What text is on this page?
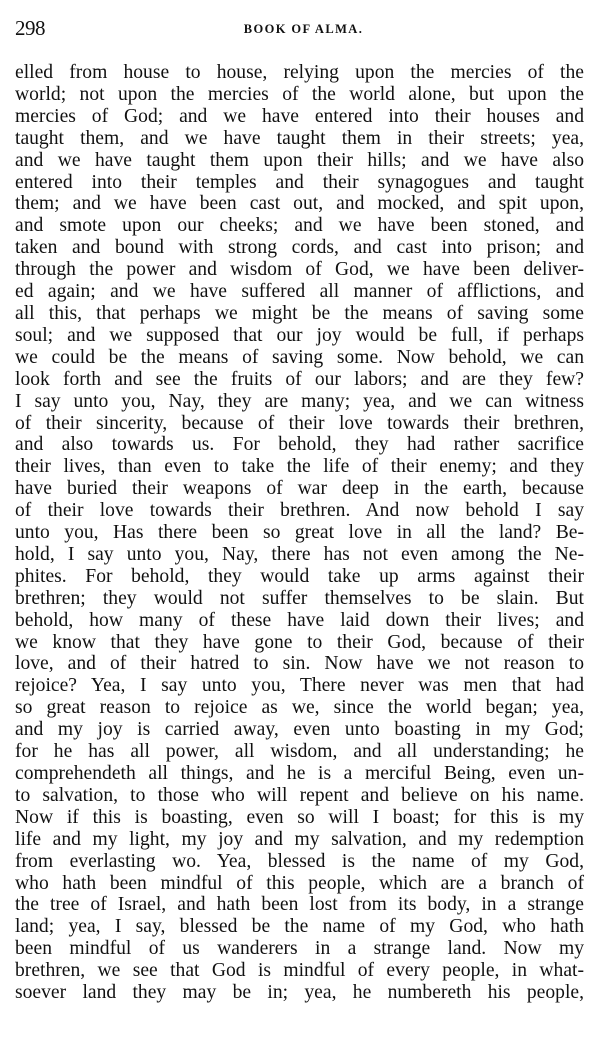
298	BOOK OF ALMA.
elled from house to house, relying upon the mercies of the
world; not upon the mercies of the world alone, but upon the
mercies of God; and we have entered into their houses and
taught them, and we have taught them in their streets; yea,
and we have taught them upon their hills; and we have also
entered into their temples and their synagogues and taught
them; and we have been cast out, and mocked, and spit upon,
and smote upon our cheeks; and we have been stoned, and
taken and bound with strong cords, and cast into prison; and
through the power and wisdom of God, we have been deliver-
ed again; and we have suffered all manner of afflictions, and
all this, that perhaps we might be the means of saving some
soul; and we supposed that our joy would be full, if perhaps
we could be the means of saving some. Now behold, we can
look forth and see the fruits of our labors; and are they few?
I say unto you, Nay, they are many; yea, and we can witness
of their sincerity, because of their love towards their brethren,
and also towards us. For behold, they had rather sacrifice
their lives, than even to take the life of their enemy; and they
have buried their weapons of war deep in the earth, because
of their love towards their brethren. And now behold I say
unto you, Has there been so great love in all the land? Be-
hold, I say unto you, Nay, there has not even among the Ne-
phites. For behold, they would take up arms against their
brethren; they would not suffer themselves to be slain. But
behold, how many of these have laid down their lives; and
we know that they have gone to their God, because of their
love, and of their hatred to sin. Now have we not reason to
rejoice? Yea, I say unto you, There never was men that had
so great reason to rejoice as we, since the world began; yea,
and my joy is carried away, even unto boasting in my God;
for he has all power, all wisdom, and all understanding; he
comprehendeth all things, and he is a merciful Being, even un-
to salvation, to those who will repent and believe on his name.
Now if this is boasting, even so will I boast; for this is my
life and my light, my joy and my salvation, and my redemption
from everlasting wo. Yea, blessed is the name of my God,
who hath been mindful of this people, which are a branch of
the tree of Israel, and hath been lost from its body, in a strange
land; yea, I say, blessed be the name of my God, who hath
been mindful of us wanderers in a strange land. Now my
brethren, we see that God is mindful of every people, in what-
soever land they may be in; yea, he numbereth his people,
